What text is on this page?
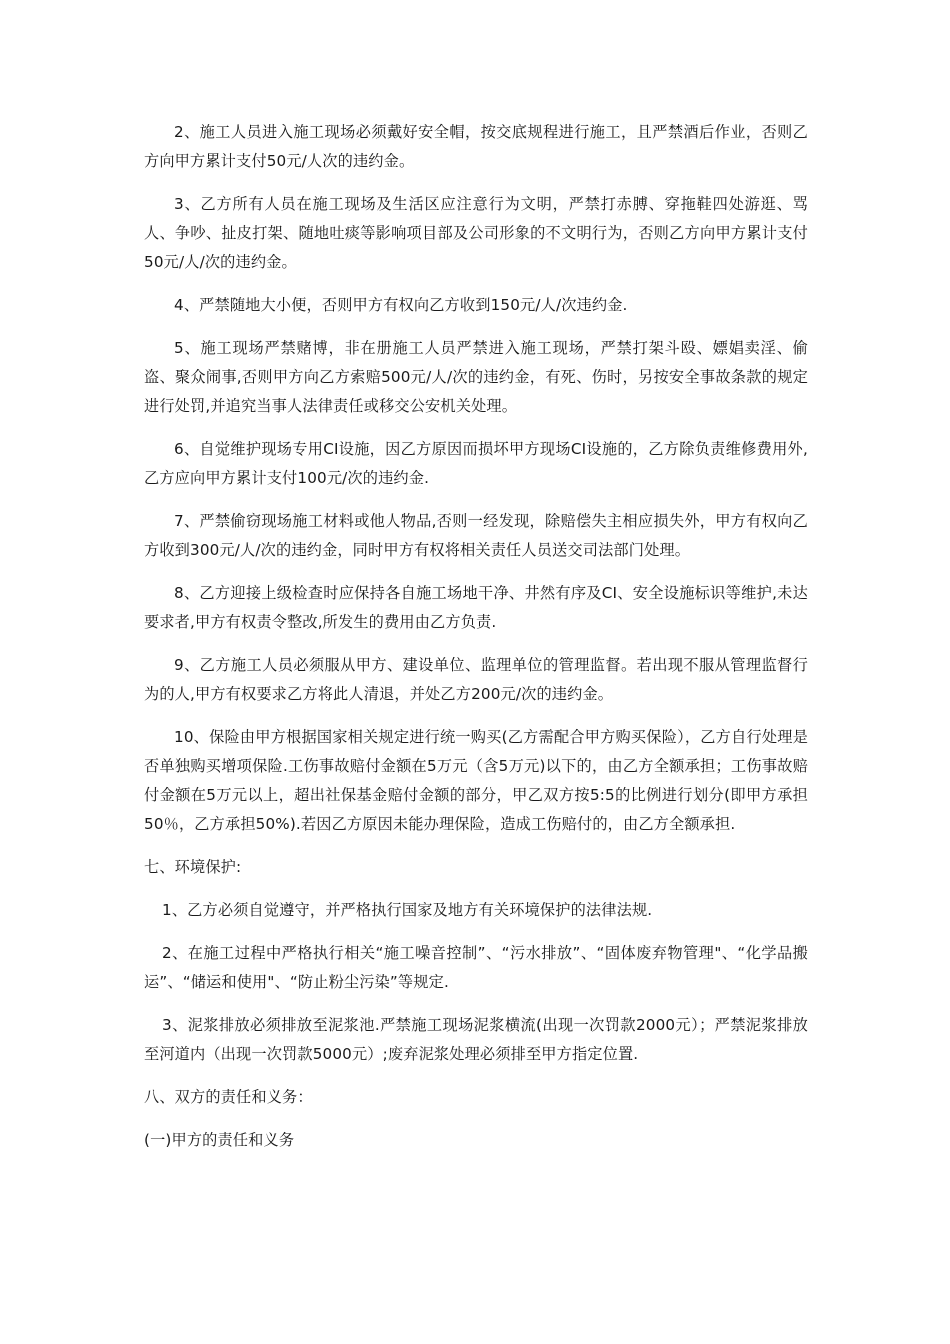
2、施工人员进入施工现场必须戴好安全帽，按交底规程进行施工，且严禁酒后作业，否则乙方向甲方累计支付50元/人次的违约金。

3、乙方所有人员在施工现场及生活区应注意行为文明，严禁打赤膊、穿拖鞋四处游逛、骂人、争吵、扯皮打架、随地吐痰等影响项目部及公司形象的不文明行为，否则乙方向甲方累计支付50元/人/次的违约金。

4、严禁随地大小便，否则甲方有权向乙方收到150元/人/次违约金.

5、施工现场严禁赌博，非在册施工人员严禁进入施工现场，严禁打架斗殴、嫖娼卖淫、偷盗、聚众闹事,否则甲方向乙方索赔500元/人/次的违约金，有死、伤时，另按安全事故条款的规定进行处罚,并追究当事人法律责任或移交公安机关处理。

6、自觉维护现场专用CI设施，因乙方原因而损坏甲方现场CI设施的，乙方除负责维修费用外,乙方应向甲方累计支付100元/次的违约金.

7、严禁偷窃现场施工材料或他人物品,否则一经发现，除赔偿失主相应损失外，甲方有权向乙方收到300元/人/次的违约金，同时甲方有权将相关责任人员送交司法部门处理。

8、乙方迎接上级检查时应保持各自施工场地干净、井然有序及CI、安全设施标识等维护,未达要求者,甲方有权责令整改,所发生的费用由乙方负责.

9、乙方施工人员必须服从甲方、建设单位、监理单位的管理监督。若出现不服从管理监督行为的人,甲方有权要求乙方将此人清退，并处乙方200元/次的违约金。

10、保险由甲方根据国家相关规定进行统一购买(乙方需配合甲方购买保险），乙方自行处理是否单独购买增项保险.工伤事故赔付金额在5万元（含5万元)以下的，由乙方全额承担；工伤事故赔付金额在5万元以上，超出社保基金赔付金额的部分，甲乙双方按5:5的比例进行划分(即甲方承担50％，乙方承担50%).若因乙方原因未能办理保险，造成工伤赔付的，由乙方全额承担.

七、环境保护:

1、乙方必须自觉遵守，并严格执行国家及地方有关环境保护的法律法规.

2、在施工过程中严格执行相关“施工噪音控制”、“污水排放”、“固体废弃物管理"、“化学品搬运”、“储运和使用"、“防止粉尘污染”等规定.

3、泥浆排放必须排放至泥浆池.严禁施工现场泥浆横流(出现一次罚款2000元）；严禁泥浆排放至河道内（出现一次罚款5000元）;废弃泥浆处理必须排至甲方指定位置.

八、双方的责任和义务：

(一)甲方的责任和义务
